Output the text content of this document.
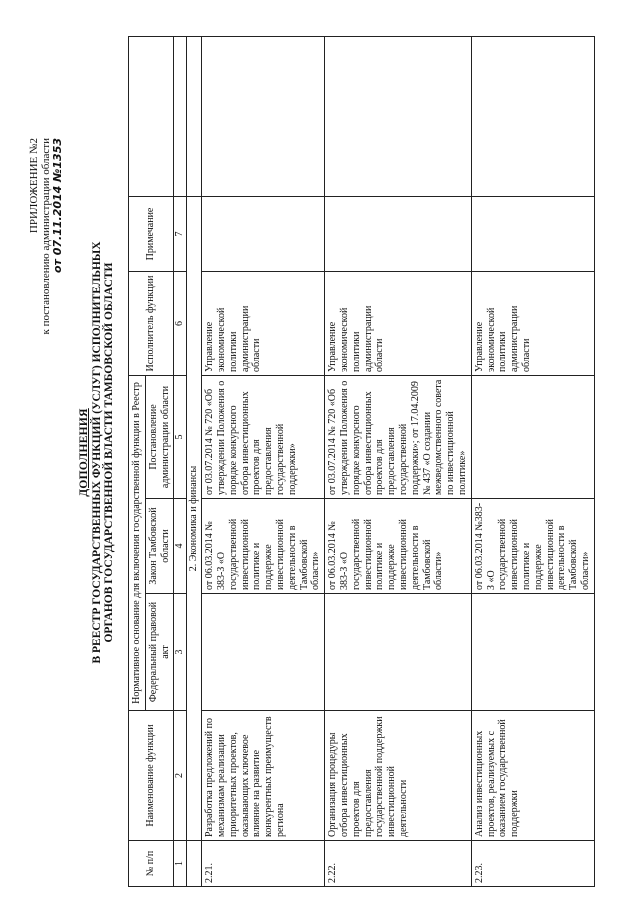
ПРИЛОЖЕНИЕ №2 к постановлению администрации области от 07.11.2014 №1353
ДОПОЛНЕНИЯ В РЕЕСТР ГОСУДАРСТВЕННЫХ ФУНКЦИЙ (УСЛУГ) ИСПОЛНИТЕЛЬНЫХ ОРГАНОВ ГОСУДАРСТВЕННОЙ ВЛАСТИ ТАМБОВСКОЙ ОБЛАСТИ
№ п/п	Наименование функции	Нормативное основание для включения государственной функции в Реестр			Исполнитель функции	Примечание	
		Федеральный правовой акт	Закон Тамбовской области	Постановление администрации области			
1	2	3	4	5	6	7	
	2. Экономика и финансы						
2.21.	Разработка предложений по механизмам реализации приоритетных проектов, оказывающих ключевое влияние на развитие конкурентных преимуществ региона		от 06.03.2014 № 383-З «О государственной инвестиционной политике и поддержке инвестиционной деятельности в Тамбовской области»	от 03.07.2014 № 720 «Об утверждении Положения о порядке конкурсного отбора инвестиционных проектов для предоставления государственной поддержки»	Управление экономической политики администрации области		
2.22.	Организация процедуры отбора инвестиционных проектов для предоставления государственной поддержки инвестиционной деятельности		от 06.03.2014 № 383-З «О государственной инвестиционной политике и поддержке инвестиционной деятельности в Тамбовской области»	от 03.07.2014 № 720 «Об утверждении Положения о порядке конкурсного отбора инвестиционных проектов для предоставления государственной поддержки»; от 17.04.2009 № 437 «О создании межведомственного совета по инвестиционной политике»	Управление экономической политики администрации области		
2.23.	Анализ инвестиционных проектов, реализуемых с оказанием государственной поддержки		от 06.03.2014 №383-З «О государственной инвестиционной политике и поддержке инвестиционной деятельности в Тамбовской области»		Управление экономической политики администрации области		
